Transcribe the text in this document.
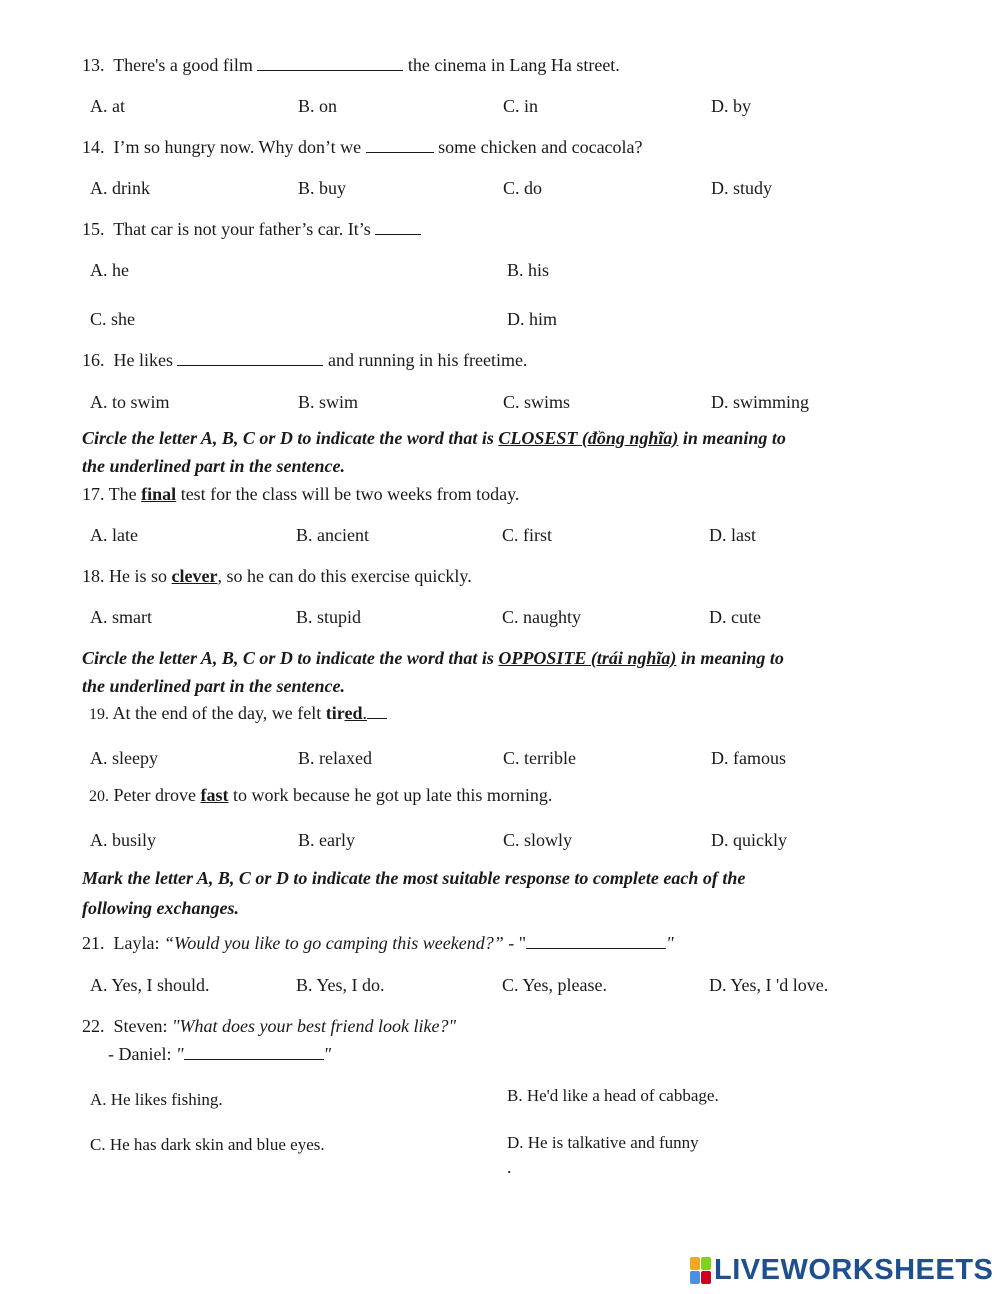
13. There's a good film	the cinema in Lang Ha street.
A. at	B. on	C. in	D. by
14. I’m so hungry now. Why don’t we	some chicken and cocacola?
A. drink	B. buy	C. do	D. study
15. That car is not your father’s car. It’s
A. he	B. his
C. she	D. him
16. He likes	and running in his freetime.
A. to swim	B. swim	C. swims	D. swimming
Circle the letter A, B, C or D to indicate the word that is CLOSEST (đồng nghĩa) in meaning to
the underlined part in the sentence.
17. The final test for the class will be two weeks from today.
A. late	B. ancient	C. first	D. last
18. He is so clever, so he can do this exercise quickly.
A. smart	B. stupid	C. naughty	D. cute
Circle the letter A, B, C or D to indicate the word that is OPPOSITE (trái nghĩa) in meaning to
the underlined part in the sentence.
19. At the end of the day, we felt tired.
A. sleepy	B. relaxed	C. terrible	D. famous
20. Peter drove fast to work because he got up late this morning.
A. busily	B. early	C. slowly	D. quickly
Mark the letter A, B, C or D to indicate the most suitable response to complete each of the
following exchanges.
21. Layla: “Would you like to go camping this weekend?” - "	"
A. Yes, I should.	B. Yes, I do.	C. Yes, please.	D. Yes, I 'd love.
22. Steven: "What does your best friend look like?"
- Daniel: "	"
A. He likes fishing.	B. He'd like a head of cabbage.
C. He has dark skin and blue eyes.	D. He is talkative and funny
.
LIVEWORKSHEETS
